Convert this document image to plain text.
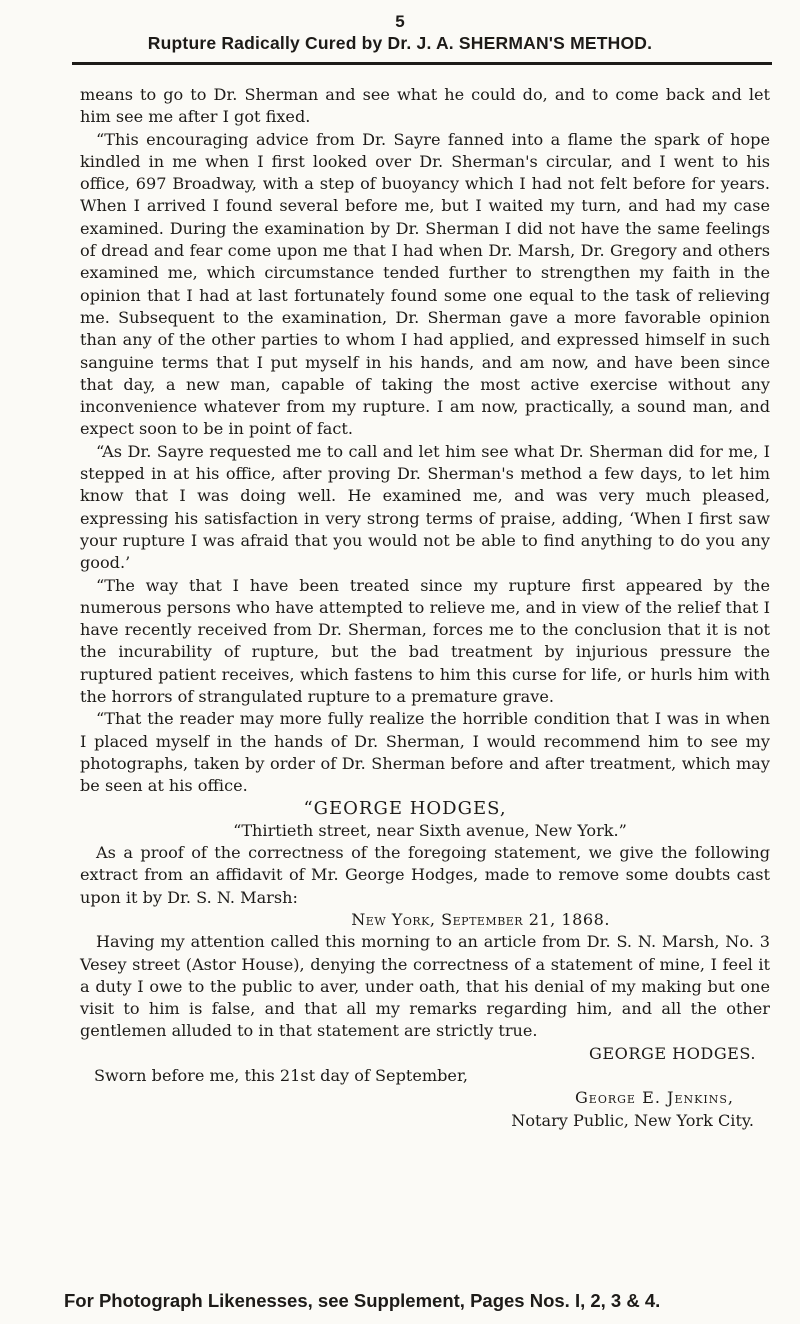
5
Rupture Radically Cured by Dr. J. A. SHERMAN'S METHOD.

means to go to Dr. Sherman and see what he could do, and to come back and let him see me after I got fixed.

“This encouraging advice from Dr. Sayre fanned into a flame the spark of hope kindled in me when I first looked over Dr. Sherman's circular, and I went to his office, 697 Broadway, with a step of buoyancy which I had not felt before for years. When I arrived I found several before me, but I waited my turn, and had my case examined. During the examination by Dr. Sherman I did not have the same feelings of dread and fear come upon me that I had when Dr. Marsh, Dr. Gregory and others examined me, which circumstance tended further to strengthen my faith in the opinion that I had at last fortunately found some one equal to the task of relieving me. Subsequent to the examination, Dr. Sherman gave a more favorable opinion than any of the other parties to whom I had applied, and expressed himself in such sanguine terms that I put myself in his hands, and am now, and have been since that day, a new man, capable of taking the most active exercise without any inconvenience whatever from my rupture. I am now, practically, a sound man, and expect soon to be in point of fact.

“As Dr. Sayre requested me to call and let him see what Dr. Sherman did for me, I stepped in at his office, after proving Dr. Sherman's method a few days, to let him know that I was doing well. He examined me, and was very much pleased, expressing his satisfaction in very strong terms of praise, adding, ‘When I first saw your rupture I was afraid that you would not be able to find anything to do you any good.’

“The way that I have been treated since my rupture first appeared by the numerous persons who have attempted to relieve me, and in view of the relief that I have recently received from Dr. Sherman, forces me to the conclusion that it is not the incurability of rupture, but the bad treatment by injurious pressure the ruptured patient receives, which fastens to him this curse for life, or hurls him with the horrors of strangulated rupture to a premature grave.

“That the reader may more fully realize the horrible condition that I was in when I placed myself in the hands of Dr. Sherman, I would recommend him to see my photographs, taken by order of Dr. Sherman before and after treatment, which may be seen at his office.

“GEORGE HODGES,

“Thirtieth street, near Sixth avenue, New York.”

As a proof of the correctness of the foregoing statement, we give the following extract from an affidavit of Mr. George Hodges, made to remove some doubts cast upon it by Dr. S. N. Marsh:

New York, September 21, 1868.

Having my attention called this morning to an article from Dr. S. N. Marsh, No. 3 Vesey street (Astor House), denying the correctness of a statement of mine, I feel it a duty I owe to the public to aver, under oath, that his denial of my making but one visit to him is false, and that all my remarks regarding him, and all the other gentlemen alluded to in that statement are strictly true.

GEORGE HODGES.

Sworn before me, this 21st day of September,

George E. Jenkins,

Notary Public, New York City.

For Photograph Likenesses, see Supplement, Pages Nos. I, 2, 3 & 4.
